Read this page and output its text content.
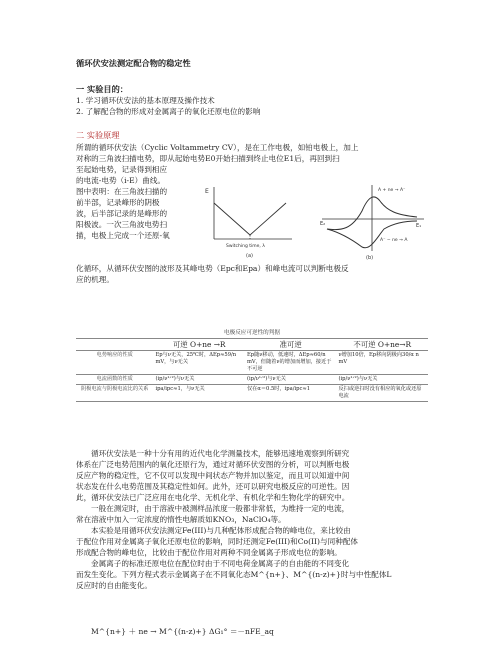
循环伏安法测定配合物的稳定性
一 实验目的：
1. 学习循环伏安法的基本原理及操作技术
2. 了解配合物的形成对金属离子的氧化还原电位的影响
二 实验原理
所谓的循环伏安法（Cyclic Voltammetry CV），是在工作电极，如铂电极上，加上
对称的三角波扫描电势，即从起始电势E0开始扫描到终止电位E1后，再回到扫
至起始电势，记录得到相应
的电流-电势（i-E）曲线。
图中表明：在三角波扫描的
前半部，记录峰形的阴极
波，后半部记录的是峰形的
阳极波。一次三角波电势扫
描，电极上完成一个还原-氧
化循环，从循环伏安图的波形及其峰电势（Epc和Epa）和峰电流可以判断电极反
应的机理。
E
Switching time, λ
(a)
A + ne → A⁻
A⁻ − ne → A
E₁
E₂
(b)
电极反应可逆性的判据
	可逆 O+ne →R	准可逆	不可逆 O+ne→R
电势响应的性质	Ep与ν无关，25℃时，ΔEp≈59/n mV，与ν无关	Ep随ν移动，低速时，ΔEp≈60/n mV，但随着ν的增加而增加，接近于不可逆	ν增加10倍，Ep移向阴极向30/α n mV
电流函数的性质	(ip/ν¹ᐟ²)与ν无关	(ip/ν¹ᐟ²)与ν无关	(ip/ν¹ᐟ²)与ν无关
阴极电流与阴极电流比的关系	ipa/ipc≈1，与ν无关	仅在α＝0.5时，ipa/ipc≈1	反扫或逆扫时没有相应的氧化或还原电流
循环伏安法是一种十分有用的近代电化学测量技术，能够迅速地观察到所研究
体系在广泛电势范围内的氧化还原行为，通过对循环伏安图的分析，可以判断电极
反应产物的稳定性，它不仅可以发现中间状态产物并加以鉴定，而且可以知道中间
状态发在什么电势范围及其稳定性如何。此外，还可以研究电极反应的可逆性。因
此，循环伏安法已广泛应用在电化学、无机化学、有机化学和生物化学的研究中。
一般在测定时，由于溶液中被测样品浓度一般都非常低，为维持一定的电流，
常在溶液中加入一定浓度的惰性电解质如KNO₃，NaClO₄等。
本实验是用循环伏安法测定Fe(III)与几种配体形成配合物的峰电位，来比较由
于配位作用对金属离子氧化还原电位的影响，同时还测定Fe(III)和Co(II)与同种配体
形成配合物的峰电位，比较由于配位作用对两种不同金属离子形成电位的影响。
金属离子的标准还原电位在配位时由于不同电荷金属离子的自由能的不同变化
而发生变化。下列方程式表示金属离子在不同氧化态M^{n+}、M^{(n-z)+}时与中性配体L
反应时的自由能变化。
M^{n+} ＋ ne → M^{(n-z)+} ΔG₁° ＝－nFE_aq
